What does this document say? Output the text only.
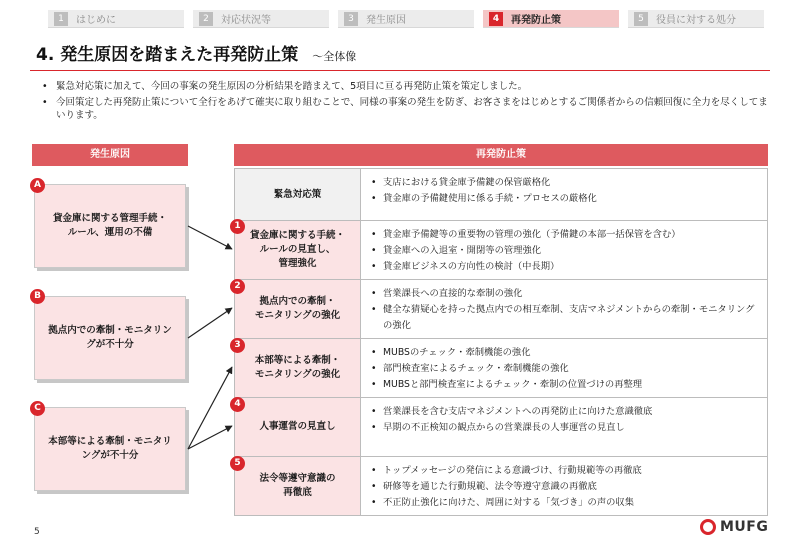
1	はじめに	2	対応状況等	3	発生原因	4	再発防止策	5	役員に対する処分
4. 発生原因を踏まえた再発防止策 ～全体像
• 緊急対応策に加えて、今回の事案の発生原因の分析結果を踏まえて、5項目に亘る再発防止策を策定しました。
• 今回策定した再発防止策について全行をあげて確実に取り組むことで、同様の事案の発生を防ぎ、お客さまをはじめとするご関係者からの信頼回復に全力を尽くしてまいります。
発生原因	再発防止策
貸金庫に関する管理手続・
ルール、運用の不備
A
拠点内での牽制・モニタリン
グが不十分
B
本部等による牽制・モニタリ
ングが不十分
C
緊急対応策
• 支店における貸金庫予備鍵の保管厳格化
• 貸金庫の予備鍵使用に係る手続・プロセスの厳格化
貸金庫に関する手続・
ルールの見直し、
管理強化
• 貸金庫予備鍵等の重要物の管理の強化（予備鍵の本部一括保管を含む）
• 貸金庫への入退室・開閉等の管理強化
• 貸金庫ビジネスの方向性の検討（中長期）
拠点内での牽制・
モニタリングの強化
• 営業課長への直接的な牽制の強化
• 健全な猜疑心を持った拠点内での相互牽制、支店マネジメントからの牽制・モニタリングの強化
本部等による牽制・
モニタリングの強化
• MUBSのチェック・牽制機能の強化
• 部門検査室によるチェック・牽制機能の強化
• MUBSと部門検査室によるチェック・牽制の位置づけの再整理
人事運営の見直し
• 営業課長を含む支店マネジメントへの再発防止に向けた意識徹底
• 早期の不正検知の観点からの営業課長の人事運営の見直し
法令等遵守意識の
再徹底
• トップメッセージの発信による意識づけ、行動規範等の再徹底
• 研修等を通じた行動規範、法令等遵守意識の再徹底
• 不正防止強化に向けた、周囲に対する「気づき」の声の収集
1
2
3
4
5
5	MUFG
